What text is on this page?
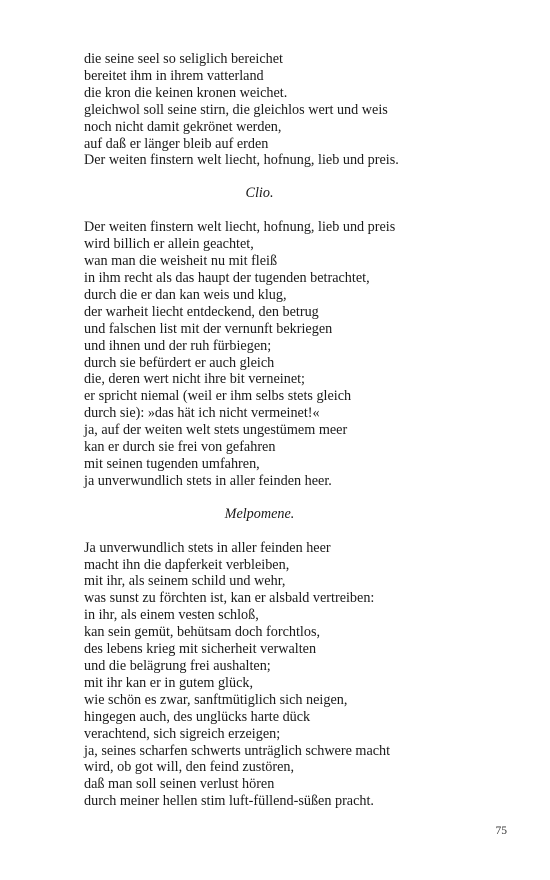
die seine seel so seliglich bereichet
bereitet ihm in ihrem vatterland
die kron die keinen kronen weichet.
gleichwol soll seine stirn, die gleichlos wert und weis
noch nicht damit gekrönet werden,
auf daß er länger bleib auf erden
Der weiten finstern welt liecht, hofnung, lieb und preis.
Clio.
Der weiten finstern welt liecht, hofnung, lieb und preis
wird billich er allein geachtet,
wan man die weisheit nu mit fleiß
in ihm recht als das haupt der tugenden betrachtet,
durch die er dan kan weis und klug,
der warheit liecht entdeckend, den betrug
und falschen list mit der vernunft bekriegen
und ihnen und der ruh fürbiegen;
durch sie befürdert er auch gleich
die, deren wert nicht ihre bit verneinet;
er spricht niemal (weil er ihm selbs stets gleich
durch sie): »das hät ich nicht vermeinet!«
ja, auf der weiten welt stets ungestümem meer
kan er durch sie frei von gefahren
mit seinen tugenden umfahren,
ja unverwundlich stets in aller feinden heer.
Melpomene.
Ja unverwundlich stets in aller feinden heer
macht ihn die dapferkeit verbleiben,
mit ihr, als seinem schild und wehr,
was sunst zu förchten ist, kan er alsbald vertreiben:
in ihr, als einem vesten schloß,
kan sein gemüt, behütsam doch forchtlos,
des lebens krieg mit sicherheit verwalten
und die belägrung frei aushalten;
mit ihr kan er in gutem glück,
wie schön es zwar, sanftmütiglich sich neigen,
hingegen auch, des unglücks harte dück
verachtend, sich sigreich erzeigen;
ja, seines scharfen schwerts unträglich schwere macht
wird, ob got will, den feind zustören,
daß man soll seinen verlust hören
durch meiner hellen stim luft-füllend-süßen pracht.
75
